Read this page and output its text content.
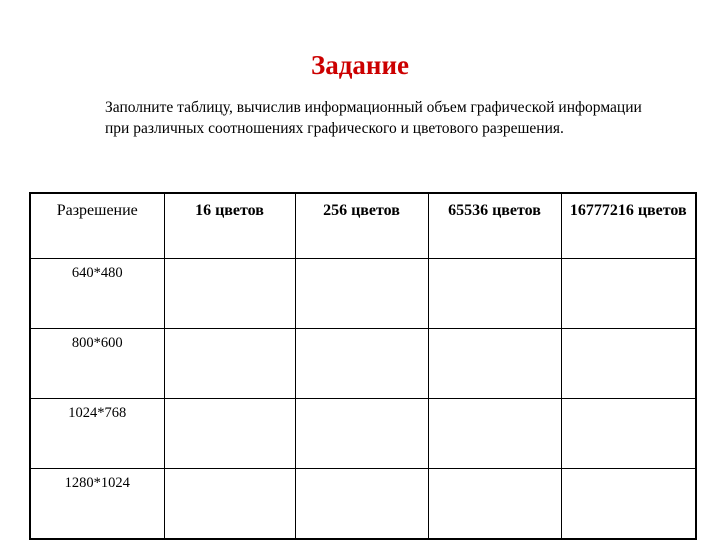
Задание

Заполните таблицу, вычислив информационный объем графической информации при различных соотношениях графического и цветового разрешения.

Разрешение	16 цветов	256 цветов	65536 цветов	16777216 цветов
640*480				
800*600				
1024*768				
1280*1024				
